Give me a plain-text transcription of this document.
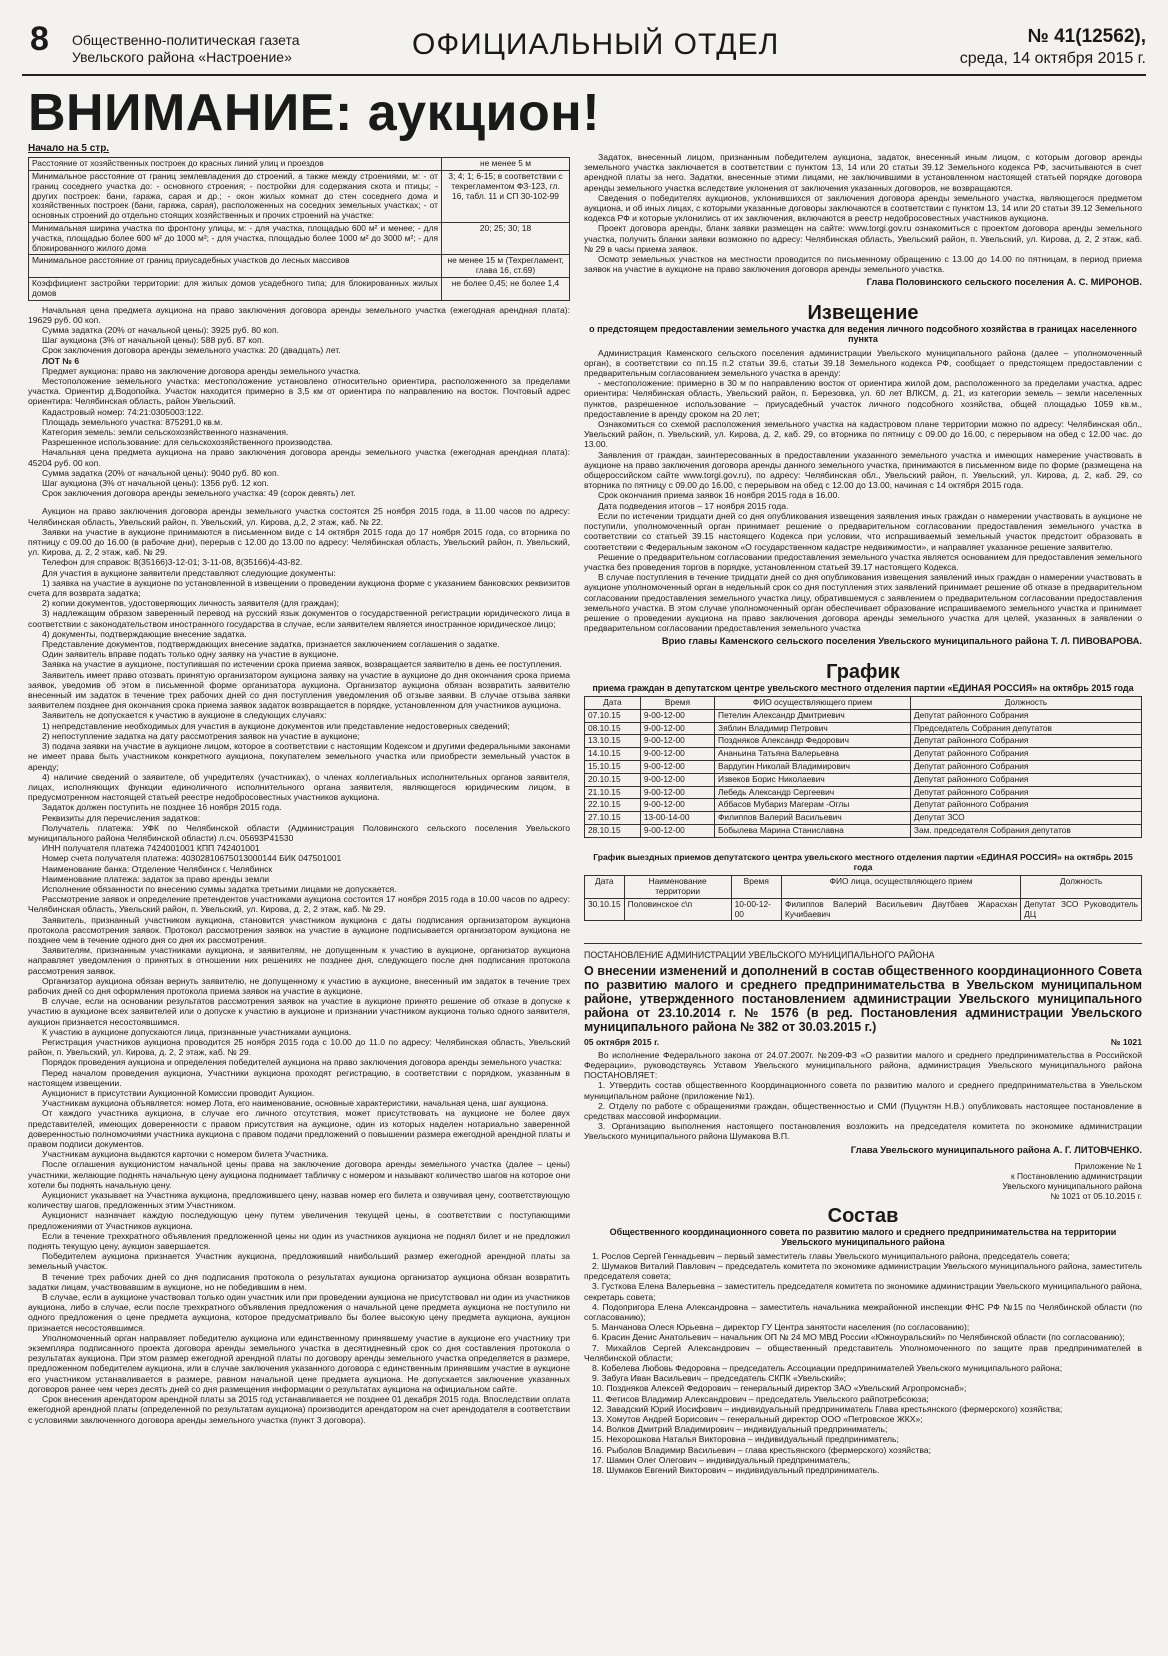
8 Общественно-политическая газета
Увельского района «Настроение»	ОФИЦИАЛЬНЫЙ ОТДЕЛ	№ 41(12562),
среда, 14 октября 2015 г.
ВНИМАНИЕ: аукцион!
Начало на 5 стр.
Расстояние от хозяйственных построек до красных линий улиц и проездов	не менее 5 м
Минимальное расстояние от границ землевладения до строений, а также между строениями, м: - от границ соседнего участка до: - основного строения; - постройки для содержания скота и птицы; - других построек: бани, гаража, сарая и др.; - окон жилых комнат до стен соседнего дома и хозяйственных построек (бани, гаража, сарая), расположенных на соседних земельных участках; - от основных строений до отдельно стоящих хозяйственных и прочих строений на участке:	3; 4; 1; 6-15; в соответствии с техрегламентом ФЗ-123, гл. 16, табл. 11 и СП 30-102-99
Минимальная ширина участка по фронтону улицы, м: - для участка, площадью 600 м² и менее; - для участка, площадью более 600 м² до 1000 м²; - для участка, площадью более 1000 м² до 3000 м²; - для блокированного жилого дома	20; 25; 30; 18
Минимальное расстояние от границ приусадебных участков до лесных массивов	не менее 15 м (Техрегламент, глава 16, ст.69)
Коэффициент застройки территории: для жилых домов усадебного типа; для блокированных жилых домов	не более 0,45; не более 1,4

Начальная цена предмета аукциона на право заключения договора аренды земельного участка (ежегодная арендная плата): 19629 руб. 00 коп.

Сумма задатка (20% от начальной цены): 3925 руб. 80 коп.

Шаг аукциона (3% от начальной цены): 588 руб. 87 коп.

Срок заключения договора аренды земельного участка: 20 (двадцать) лет.

ЛОТ № 6

Предмет аукциона: право на заключение договора аренды земельного участка.

Местоположение земельного участка: местоположение установлено относительно ориентира, расположенного за пределами участка. Ориентир д.Водопойка. Участок находится примерно в 3,5 км от ориентира по направлению на восток. Почтовый адрес ориентира: Челябинская область, район Увельский.

Кадастровый номер: 74:21:0305003:122.

Площадь земельного участка: 875291,0 кв.м.

Категория земель: земли сельскохозяйственного назначения.

Разрешенное использование: для сельскохозяйственного производства.

Начальная цена предмета аукциона на право заключения договора аренды земельного участка (ежегодная арендная плата): 45204 руб. 00 коп.

Сумма задатка (20% от начальной цены): 9040 руб. 80 коп.

Шаг аукциона (3% от начальной цены): 1356 руб. 12 коп.

Срок заключения договора аренды земельного участка: 49 (сорок девять) лет.

Аукцион на право заключения договора аренды земельного участка состоятся 25 ноября 2015 года, в 11.00 часов по адресу: Челябинская область, Увельский район, п. Увельский, ул. Кирова, д.2, 2 этаж, каб. № 22.

Заявки на участие в аукционе принимаются в письменном виде с 14 октября 2015 года до 17 ноября 2015 года, со вторника по пятницу с 09.00 до 16.00 (в рабочие дни), перерыв с 12.00 до 13.00 по адресу: Челябинская область, Увельский район, п. Увельский, ул. Кирова, д. 2, 2 этаж, каб. № 29.

Телефон для справок: 8(35166)3-12-01; 3-11-08, 8(35166)4-43-82.

Для участия в аукционе заявители представляют следующие документы:

1) заявка на участие в аукционе по установленной в извещении о проведении аукциона форме с указанием банковских реквизитов счета для возврата задатка;

2) копии документов, удостоверяющих личность заявителя (для граждан);

3) надлежащим образом заверенный перевод на русский язык документов о государственной регистрации юридического лица в соответствии с законодательством иностранного государства в случае, если заявителем является иностранное юридическое лицо;

4) документы, подтверждающие внесение задатка.

Представление документов, подтверждающих внесение задатка, признается заключением соглашения о задатке.

Один заявитель вправе подать только одну заявку на участие в аукционе.

Заявка на участие в аукционе, поступившая по истечении срока приема заявок, возвращается заявителю в день ее поступления.

Заявитель имеет право отозвать принятую организатором аукциона заявку на участие в аукционе до дня окончания срока приема заявок, уведомив об этом в письменной форме организатора аукциона. Организатор аукциона обязан возвратить заявителю внесенный им задаток в течение трех рабочих дней со дня поступления уведомления об отзыве заявки. В случае отзыва заявки заявителем позднее дня окончания срока приема заявок задаток возвращается в порядке, установленном для участников аукциона.

Заявитель не допускается к участию в аукционе в следующих случаях:

1) непредставление необходимых для участия в аукционе документов или представление недостоверных сведений;

2) непоступление задатка на дату рассмотрения заявок на участие в аукционе;

3) подача заявки на участие в аукционе лицом, которое в соответствии с настоящим Кодексом и другими федеральными законами не имеет права быть участником конкретного аукциона, покупателем земельного участка или приобрести земельный участок в аренду;

4) наличие сведений о заявителе, об учредителях (участниках), о членах коллегиальных исполнительных органов заявителя, лицах, исполняющих функции единоличного исполнительного органа заявителя, являющегося юридическим лицом, в предусмотренном настоящей статьей реестре недобросовестных участников аукциона.

Задаток должен поступить не позднее 16 ноября 2015 года.

Реквизиты для перечисления задатков:

Получатель платежа: УФК по Челябинской области (Администрация Половинского сельского поселения Увельского муниципального района Челябинской области) л.сч. 05693Р41530

ИНН получателя платежа 7424001001 КПП 742401001

Номер счета получателя платежа: 40302810675013000144 БИК 047501001

Наименование банка: Отделение Челябинск г. Челябинск

Наименование платежа: задаток за право аренды земли

Исполнение обязанности по внесению суммы задатка третьими лицами не допускается.

Рассмотрение заявок и определение претендентов участниками аукциона состоится 17 ноября 2015 года в 10.00 часов по адресу: Челябинская область, Увельский район, п. Увельский, ул. Кирова, д. 2, 2 этаж, каб. № 29.

Заявитель, признанный участником аукциона, становится участником аукциона с даты подписания организатором аукциона протокола рассмотрения заявок. Протокол рассмотрения заявок на участие в аукционе подписывается организатором аукциона не позднее чем в течение одного дня со дня их рассмотрения.

Заявителям, признанным участниками аукциона, и заявителям, не допущенным к участию в аукционе, организатор аукциона направляет уведомления о принятых в отношении них решениях не позднее дня, следующего после дня подписания протокола рассмотрения заявок.

Организатор аукциона обязан вернуть заявителю, не допущенному к участию в аукционе, внесенный им задаток в течение трех рабочих дней со дня оформления протокола приема заявок на участие в аукционе.

В случае, если на основании результатов рассмотрения заявок на участие в аукционе принято решение об отказе в допуске к участию в аукционе всех заявителей или о допуске к участию в аукционе и признании участником аукциона только одного заявителя, аукцион признается несостоявшимся.

К участию в аукционе допускаются лица, признанные участниками аукциона.

Регистрация участников аукциона проводится 25 ноября 2015 года с 10.00 до 11.0 по адресу: Челябинская область, Увельский район, п. Увельский, ул. Кирова, д. 2, 2 этаж, каб. № 29.

Порядок проведения аукциона и определения победителей аукциона на право заключения договора аренды земельного участка:

Перед началом проведения аукциона, Участники аукциона проходят регистрацию, в соответствии с порядком, указанным в настоящем извещении.

Аукционист в присутствии Аукционной Комиссии проводит Аукцион.

Участникам аукциона объявляется: номер Лота, его наименование, основные характеристики, начальная цена, шаг аукциона.

От каждого участника аукциона, в случае его личного отсутствия, может присутствовать на аукционе не более двух представителей, имеющих доверенности с правом присутствия на аукционе, один из которых наделен нотариально заверенной доверенностью полномочиями участника аукциона с правом подачи предложений о повышении размера ежегодной арендной платы и правом подписи документов.

Участникам аукциона выдаются карточки с номером билета Участника.

После оглашения аукционистом начальной цены права на заключение договора аренды земельного участка (далее – цены) участники, желающие поднять начальную цену аукциона поднимает табличку с номером и называют количество шагов на которое они хотели бы поднять начальную цену.

Аукционист указывает на Участника аукциона, предложившего цену, назвав номер его билета и озвучивая цену, соответствующую количеству шагов, предложенных этим Участником.

Аукционист назначает каждую последующую цену путем увеличения текущей цены, в соответствии с поступающими предложениями от Участников аукциона.

Если в течение трехкратного объявления предложенной цены ни один из участников аукциона не поднял билет и не предложил поднять текущую цену, аукцион завершается.

Победителем аукциона признается Участник аукциона, предложивший наибольший размер ежегодной арендной платы за земельный участок.

В течение трех рабочих дней со дня подписания протокола о результатах аукциона организатор аукциона обязан возвратить задатки лицам, участвовавшим в аукционе, но не победившим в нем.

В случае, если в аукционе участвовал только один участник или при проведении аукциона не присутствовал ни один из участников аукциона, либо в случае, если после трехкратного объявления предложения о начальной цене предмета аукциона не поступило ни одного предложения о цене предмета аукциона, которое предусматривало бы более высокую цену предмета аукциона, аукцион признается несостоявшимся.

Уполномоченный орган направляет победителю аукциона или единственному принявшему участие в аукционе его участнику три экземпляра подписанного проекта договора аренды земельного участка в десятидневный срок со дня составления протокола о результатах аукциона. При этом размер ежегодной арендной платы по договору аренды земельного участка определяется в размере, предложенном победителем аукциона, или в случае заключения указанного договора с единственным принявшим участие в аукционе его участником устанавливается в размере, равном начальной цене предмета аукциона. Не допускается заключение указанных договоров ранее чем через десять дней со дня размещения информации о результатах аукциона на официальном сайте.

Срок внесения арендатором арендной платы за 2015 год устанавливается не позднее 01 декабря 2015 года. Впоследствии оплата ежегодной арендной платы (определенной по результатам аукциона) производится арендатором на счет арендодателя в соответствии с условиями заключенного договора аренды земельного участка (пункт 3 договора).

Задаток, внесенный лицом, признанным победителем аукциона, задаток, внесенный иным лицом, с которым договор аренды земельного участка заключается в соответствии с пунктом 13, 14 или 20 статьи 39.12 Земельного кодекса РФ, засчитываются в счет арендной платы за него. Задатки, внесенные этими лицами, не заключившими в установленном настоящей статьей порядке договора аренды земельного участка вследствие уклонения от заключения указанных договоров, не возвращаются.

Сведения о победителях аукционов, уклонившихся от заключения договора аренды земельного участка, являющегося предметом аукциона, и об иных лицах, с которыми указанные договоры заключаются в соответствии с пунктом 13, 14 или 20 статьи 39.12 Земельного кодекса РФ и которые уклонились от их заключения, включаются в реестр недобросовестных участников аукциона.

Проект договора аренды, бланк заявки размещен на сайте: www.torgi.gov.ru ознакомиться с проектом договора аренды земельного участка, получить бланки заявки возможно по адресу: Челябинская область, Увельский район, п. Увельский, ул. Кирова, д. 2, 2 этаж, каб. № 29 в часы приема заявок.

Осмотр земельных участков на местности проводится по письменному обращению с 13.00 до 14.00 по пятницам, в период приема заявок на участие в аукционе на право заключения договора аренды земельного участка.

Глава Половинского сельского поселения А. С. МИРОНОВ.

Извещение
о предстоящем предоставлении земельного участка для ведения личного подсобного хозяйства в границах населенного пункта

Администрация Каменского сельского поселения администрации Увельского муниципального района (далее – уполномоченный орган), в соответствии со пп.15 п.2 статьи 39.6, статьи 39.18 Земельного кодекса РФ, сообщает о предстоящем предоставлении с предварительным согласованием земельного участка в аренду:

- местоположение: примерно в 30 м по направлению восток от ориентира жилой дом, расположенного за пределами участка, адрес ориентира: Челябинская область, Увельский район, п. Березовка, ул. 60 лет ВЛКСМ, д. 21, из категории земель – земли населенных пунктов, разрешенное использование – приусадебный участок личного подсобного хозяйства, общей площадью 1059 кв.м., предоставление в аренду сроком на 20 лет;

Ознакомиться со схемой расположения земельного участка на кадастровом плане территории можно по адресу: Челябинская обл., Увельский район, п. Увельский, ул. Кирова, д. 2, каб. 29, со вторника по пятницу с 09.00 до 16.00, с перерывом на обед с 12.00 час. до 13.00.

Заявления от граждан, заинтересованных в предоставлении указанного земельного участка и имеющих намерение участвовать в аукционе на право заключения договора аренды данного земельного участка, принимаются в письменном виде по форме (размещена на общероссийском сайте www.torgi.gov.ru), по адресу: Челябинская обл., Увельский район, п. Увельский, ул. Кирова, д. 2, каб. 29, со вторника по пятницу с 09.00 до 16.00, с перерывом на обед с 12.00 до 13.00, начиная с 14 октября 2015 года.

Срок окончания приема заявок 16 ноября 2015 года в 16.00.

Дата подведения итогов – 17 ноября 2015 года.

Если по истечении тридцати дней со дня опубликования извещения заявления иных граждан о намерении участвовать в аукционе не поступили, уполномоченный орган принимает решение о предварительном согласовании предоставления земельного участка в соответствии со статьей 39.15 настоящего Кодекса при условии, что испрашиваемый земельный участок предстоит образовать в соответствии с Федеральным законом «О государственном кадастре недвижимости», и направляет указанное решение заявителю.

Решение о предварительном согласовании предоставления земельного участка является основанием для предоставления земельного участка без проведения торгов в порядке, установленном статьей 39.17 настоящего Кодекса.

В случае поступления в течение тридцати дней со дня опубликования извещения заявлений иных граждан о намерении участвовать в аукционе уполномоченный орган в недельный срок со дня поступления этих заявлений принимает решение об отказе в предварительном согласовании предоставления земельного участка лицу, обратившемуся с заявлением о предварительном согласовании предоставления земельного участка. В этом случае уполномоченный орган обеспечивает образование испрашиваемого земельного участка и принимает решение о проведении аукциона на право заключения договора аренды земельного участка для целей, указанных в заявлении о предварительном согласовании предоставления земельного участка

Врио главы Каменского сельского поселения Увельского муниципального района Т. Л. ПИВОВАРОВА.

График
приема граждан в депутатском центре увельского местного отделения партии «ЕДИНАЯ РОССИЯ» на октябрь 2015 года
Дата	Время	ФИО осуществляющего прием	Должность
07.10.15	9-00-12-00	Петелин Александр Дмитриевич	Депутат районного Собрания
08.10.15	9-00-12-00	Зяблин Владимир Петрович	Председатель Собрания депутатов
13.10.15	9-00-12-00	Поздняков Александр Федорович	Депутат районного Собрания
14.10.15	9-00-12-00	Ананьина Татьяна Валерьевна	Депутат районного Собрания
15.10.15	9-00-12-00	Вардугин Николай Владимирович	Депутат районного Собрания
20.10.15	9-00-12-00	Извеков Борис Николаевич	Депутат районного Собрания
21.10.15	9-00-12-00	Лебедь Александр Сергеевич	Депутат районного Собрания
22.10.15	9-00-12-00	Аббасов Мубариз Магерам -Оглы	Депутат районного Собрания
27.10.15	13-00-14-00	Филиппов Валерий Васильевич	Депутат ЗСО
28.10.15	9-00-12-00	Бобылева Марина Станиславна	Зам. председателя Собрания депутатов
График выездных приемов депутатского центра увельского местного отделения партии «ЕДИНАЯ РОССИЯ» на октябрь 2015 года
Дата	Наименование территории	Время	ФИО лица, осуществляющего прием	Должность
30.10.15	Половинское с\п	10-00-12-00	Филиппов Валерий Васильевич Даутбаев Жарасхан Кучибаевич	Депутат ЗСО Руководитель ДЦ
ПОСТАНОВЛЕНИЕ АДМИНИСТРАЦИИ УВЕЛЬСКОГО МУНИЦИПАЛЬНОГО РАЙОНА
О внесении изменений и дополнений в состав общественного координационного Совета по развитию малого и среднего предпринимательства в Увельском муниципальном районе, утвержденного постановлением администрации Увельского муниципального района от 23.10.2014 г. № 1576 (в ред. Постановления администрации Увельского муниципального района № 382 от 30.03.2015 г.)
05 октября 2015 г.	№ 1021

Во исполнение Федерального закона от 24.07.2007г. №209-ФЗ «О развитии малого и среднего предпринимательства в Российской Федерации», руководствуясь Уставом Увельского муниципального района, администрация Увельского муниципального района ПОСТАНОВЛЯЕТ:

1. Утвердить состав общественного Координационного совета по развитию малого и среднего предпринимательства в Увельском муниципальном районе (приложение №1).

2. Отделу по работе с обращениями граждан, общественностью и СМИ (Пуцунтян Н.В.) опубликовать настоящее постановление в средствах массовой информации.

3. Организацию выполнения настоящего постановления возложить на председателя комитета по экономике администрации Увельского муниципального района Шумакова В.П.

Глава Увельского муниципального района А. Г. ЛИТОВЧЕНКО.

Приложение № 1
к Постановлению администрации
Увельского муниципального района
№ 1021 от 05.10.2015 г.
Состав
Общественного координационного совета по развитию малого и среднего предпринимательства на территории Увельского муниципального района

1. Рослов Сергей Геннадьевич – первый заместитель главы Увельского муниципального района, председатель совета;

2. Шумаков Виталий Павлович – председатель комитета по экономике администрации Увельского муниципального района, заместитель председателя совета;

3. Густкова Елена Валерьевна – заместитель председателя комитета по экономике администрации Увельского муниципального района, секретарь совета;

4. Подопригора Елена Александровна – заместитель начальника межрайонной инспекции ФНС РФ №15 по Челябинской области (по согласованию);

5. Манчанова Олеся Юрьевна – директор ГУ Центра занятости населения (по согласованию);

6. Красин Денис Анатольевич – начальник ОП № 24 МО МВД России «Южноуральский» по Челябинской области (по согласованию);

7. Михайлов Сергей Александрович – общественный представитель Уполномоченного по защите прав предпринимателей в Челябинской области;

8. Кобелева Любовь Федоровна – председатель Ассоциации предпринимателей Увельского муниципального района;

9. Забуга Иван Васильевич – председатель СКПК «Увельский»;

10. Поздняков Алексей Федорович – генеральный директор ЗАО «Увельский Агропромснаб»;

11. Фетисов Владимир Александрович – председатель Увельского райпотребсоюза;

12. Завадский Юрий Иосифович – индивидуальный предприниматель Глава крестьянского (фермерского) хозяйства;

13. Хомутов Андрей Борисович – генеральный директор ООО «Петровское ЖКХ»;

14. Волков Дмитрий Владимирович – индивидуальный предприниматель;

15. Нехорошкова Наталья Викторовна – индивидуальный предприниматель;

16. Рыболов Владимир Васильевич – глава крестьянского (фермерского) хозяйства;

17. Шамин Олег Олегович – индивидуальный предприниматель;

18. Шумаков Евгений Викторович – индивидуальный предприниматель.
